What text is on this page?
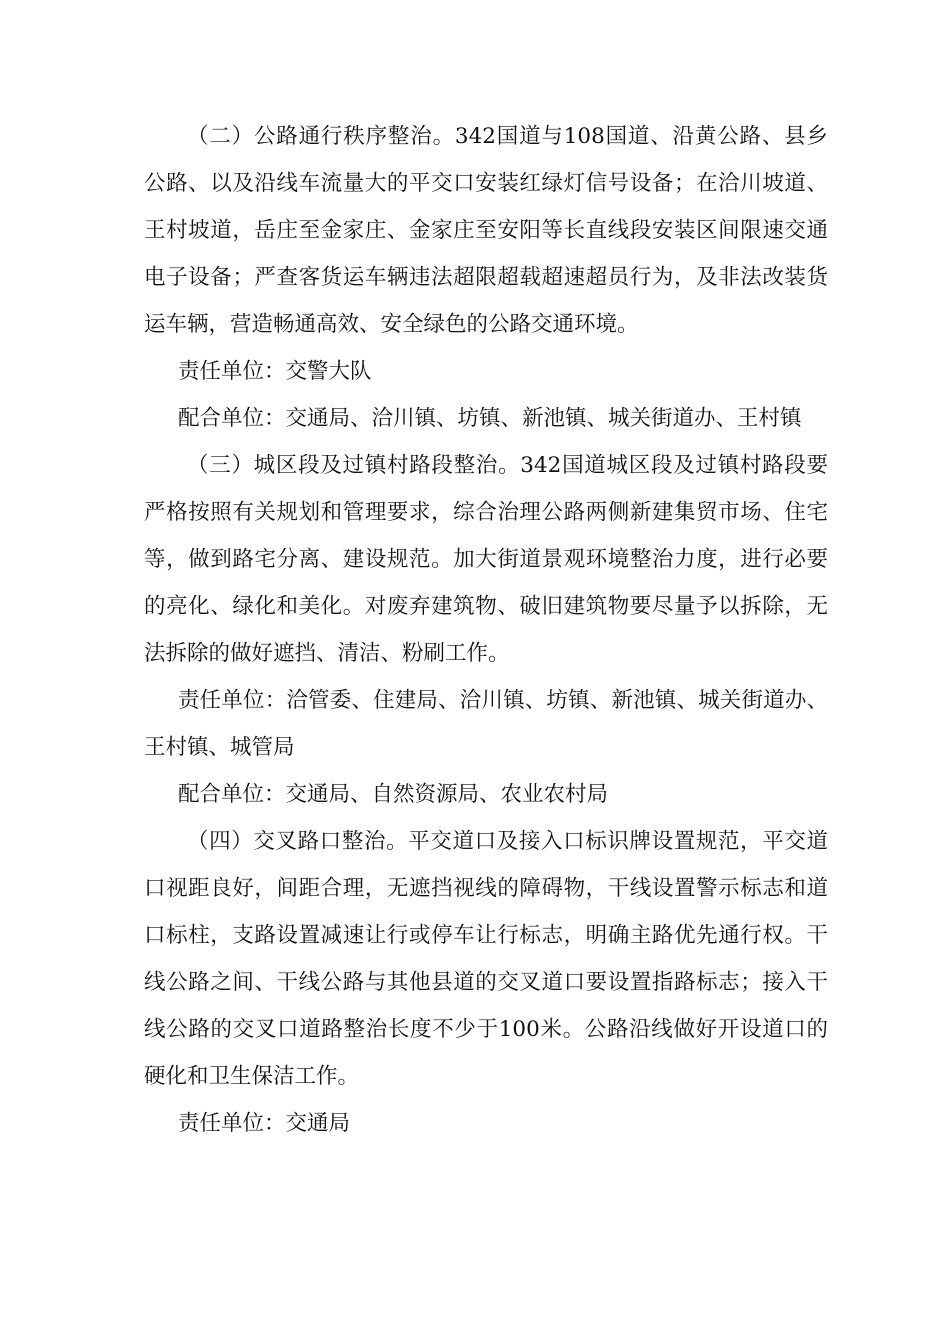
（二）公路通行秩序整治。342国道与108国道、沿黄公路、县乡公路、以及沿线车流量大的平交口安装红绿灯信号设备；在洽川坡道、王村坡道，岳庄至金家庄、金家庄至安阳等长直线段安装区间限速交通电子设备；严查客货运车辆违法超限超载超速超员行为，及非法改装货运车辆，营造畅通高效、安全绿色的公路交通环境。

责任单位：交警大队

配合单位：交通局、洽川镇、坊镇、新池镇、城关街道办、王村镇

（三）城区段及过镇村路段整治。342国道城区段及过镇村路段要严格按照有关规划和管理要求，综合治理公路两侧新建集贸市场、住宅等，做到路宅分离、建设规范。加大街道景观环境整治力度，进行必要的亮化、绿化和美化。对废弃建筑物、破旧建筑物要尽量予以拆除，无法拆除的做好遮挡、清洁、粉刷工作。

责任单位：洽管委、住建局、洽川镇、坊镇、新池镇、城关街道办、王村镇、城管局

配合单位：交通局、自然资源局、农业农村局

（四）交叉路口整治。平交道口及接入口标识牌设置规范，平交道口视距良好，间距合理，无遮挡视线的障碍物，干线设置警示标志和道口标柱，支路设置减速让行或停车让行标志，明确主路优先通行权。干线公路之间、干线公路与其他县道的交叉道口要设置指路标志；接入干线公路的交叉口道路整治长度不少于100米。公路沿线做好开设道口的硬化和卫生保洁工作。

责任单位：交通局
